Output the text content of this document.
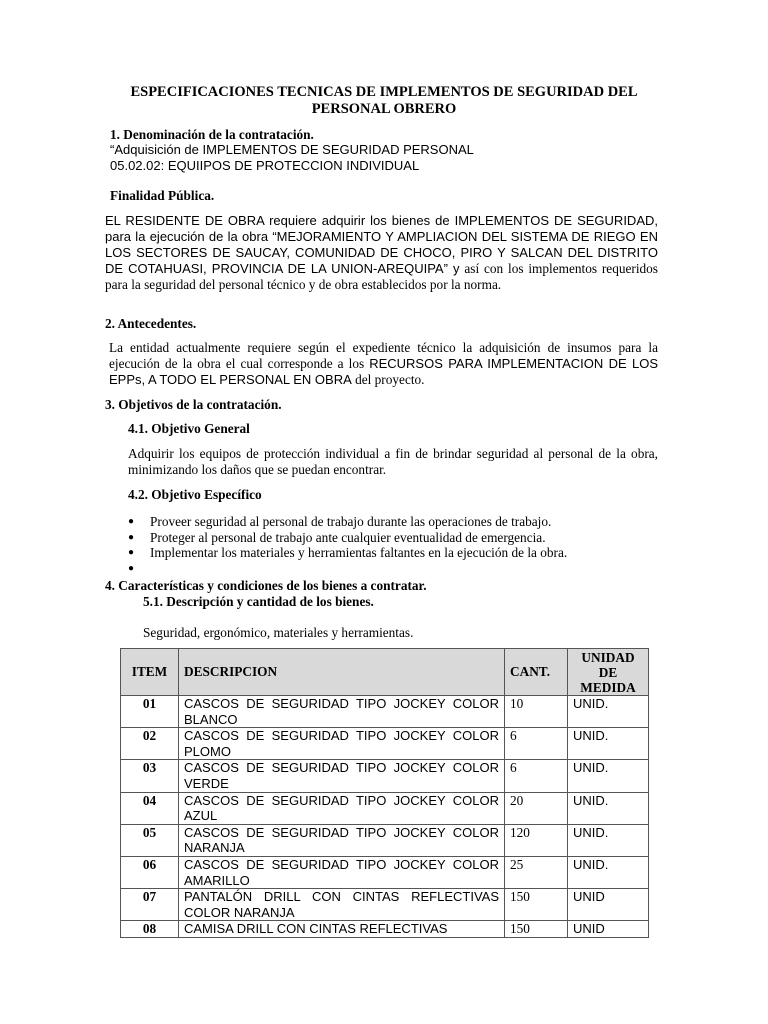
ESPECIFICACIONES TECNICAS DE IMPLEMENTOS DE SEGURIDAD DEL PERSONAL OBRERO
1. Denominación de la contratación.
“Adquisición de IMPLEMENTOS DE SEGURIDAD PERSONAL
05.02.02: EQUIIPOS DE PROTECCION INDIVIDUAL
Finalidad Pública.
EL RESIDENTE DE OBRA requiere adquirir los bienes de IMPLEMENTOS DE SEGURIDAD, para la ejecución de la obra “MEJORAMIENTO Y AMPLIACION DEL SISTEMA DE RIEGO EN LOS SECTORES DE SAUCAY, COMUNIDAD DE CHOCO, PIRO Y SALCAN DEL DISTRITO DE COTAHUASI, PROVINCIA DE LA UNION-AREQUIPA” y así con los implementos requeridos para la seguridad del personal técnico y de obra establecidos por la norma.
2. Antecedentes.
La entidad actualmente requiere según el expediente técnico la adquisición de insumos para la ejecución de la obra el cual corresponde a los RECURSOS PARA IMPLEMENTACION DE LOS EPPs, A TODO EL PERSONAL EN OBRA del proyecto.
3. Objetivos de la contratación.
4.1. Objetivo General
Adquirir los equipos de protección individual a fin de brindar seguridad al personal de la obra, minimizando los daños que se puedan encontrar.
4.2. Objetivo Específico
● Proveer seguridad al personal de trabajo durante las operaciones de trabajo.
● Proteger al personal de trabajo ante cualquier eventualidad de emergencia.
● Implementar los materiales y herramientas faltantes en la ejecución de la obra.
●
4. Características y condiciones de los bienes a contratar.
5.1. Descripción y cantidad de los bienes.
Seguridad, ergonómico, materiales y herramientas.
ITEM	DESCRIPCION	CANT.	UNIDAD DE MEDIDA
01	CASCOS DE SEGURIDAD TIPO JOCKEY COLOR BLANCO	10	UNID.
02	CASCOS DE SEGURIDAD TIPO JOCKEY COLOR PLOMO	6	UNID.
03	CASCOS DE SEGURIDAD TIPO JOCKEY COLOR VERDE	6	UNID.
04	CASCOS DE SEGURIDAD TIPO JOCKEY COLOR AZUL	20	UNID.
05	CASCOS DE SEGURIDAD TIPO JOCKEY COLOR NARANJA	120	UNID.
06	CASCOS DE SEGURIDAD TIPO JOCKEY COLOR AMARILLO	25	UNID.
07	PANTALÓN DRILL CON CINTAS REFLECTIVAS COLOR NARANJA	150	UNID
08	CAMISA DRILL CON CINTAS REFLECTIVAS	150	UNID
